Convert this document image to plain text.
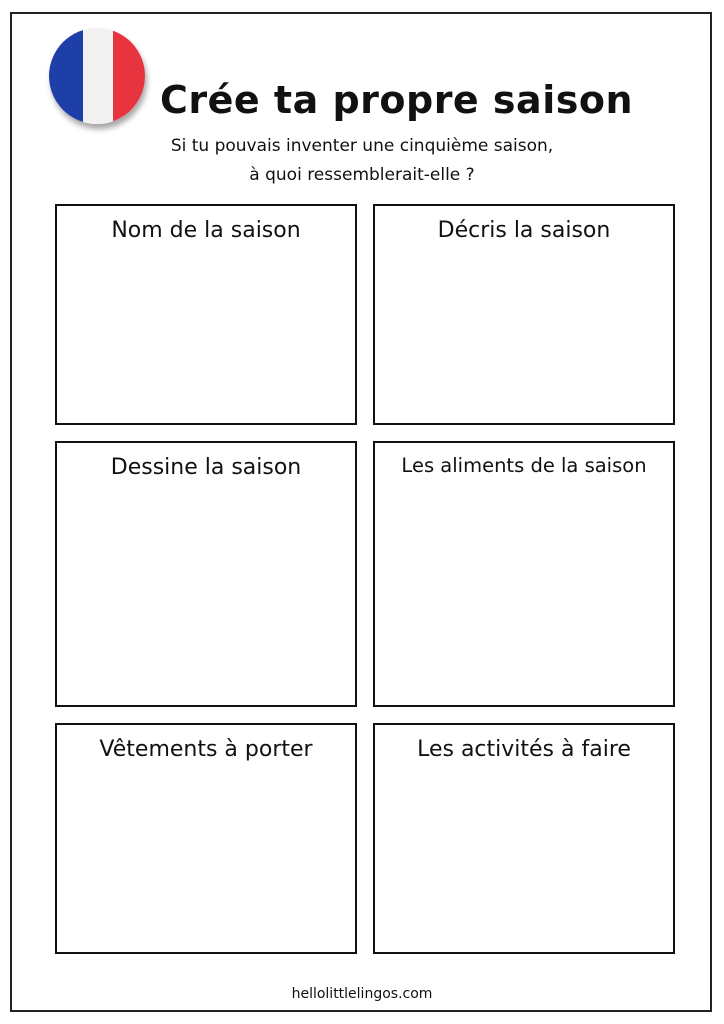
Crée ta propre saison

Si tu pouvais inventer une cinquième saison,

à quoi ressemblerait-elle ?

Nom de la saison	Décris la saison
Dessine la saison	Les aliments de la saison
Vêtements à porter	Les activités à faire

hellolittlelingos.com
